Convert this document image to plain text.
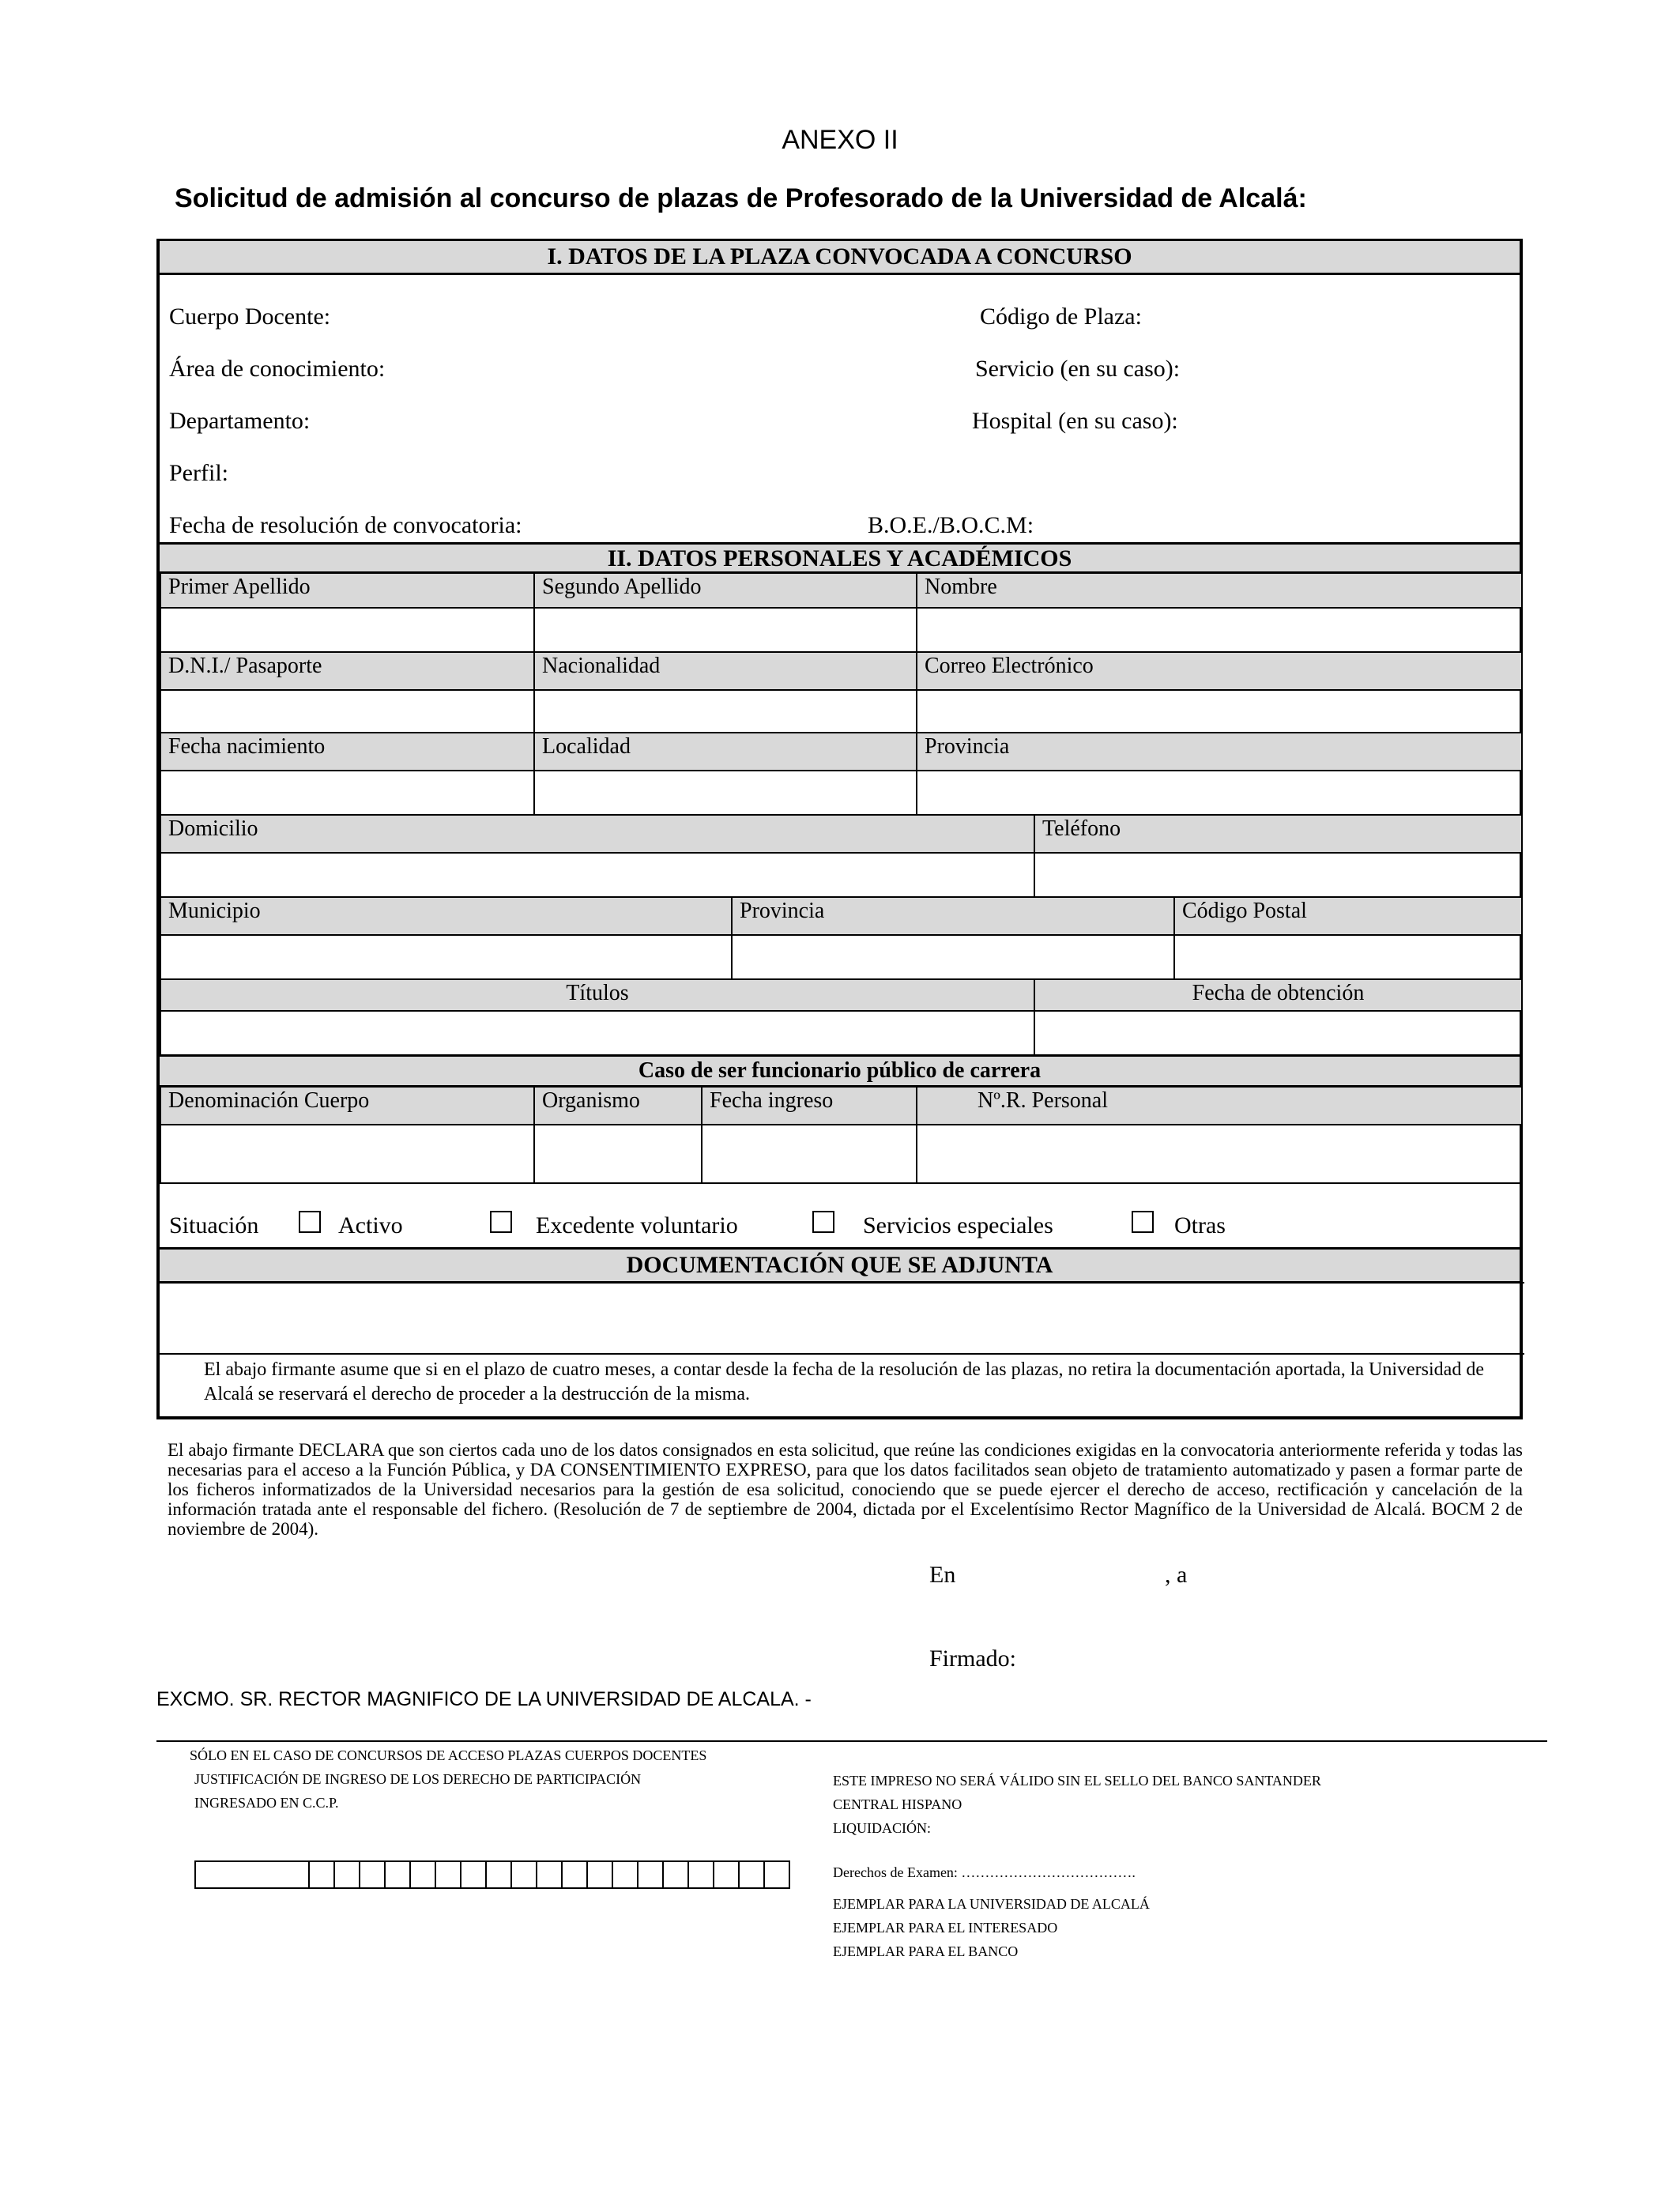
ANEXO II
Solicitud de admisión al concurso de plazas de Profesorado de la Universidad de Alcalá:
I. DATOS DE LA PLAZA CONVOCADA A CONCURSO
Cuerpo Docente:	Código de Plaza:
Área de conocimiento:	Servicio (en su caso):
Departamento:	Hospital (en su caso):
Perfil:
Fecha de resolución de convocatoria:	B.O.E./B.O.C.M:
II. DATOS PERSONALES Y ACADÉMICOS
Primer Apellido	Segundo Apellido	Nombre
D.N.I./ Pasaporte	Nacionalidad	Correo Electrónico
Fecha nacimiento	Localidad	Provincia
Domicilio	Teléfono
Municipio	Provincia	Código Postal
Títulos	Fecha de obtención
Caso de ser funcionario público de carrera
Denominación Cuerpo	Organismo	Fecha ingreso	Nº.R. Personal
Situación	Activo	Excedente voluntario	Servicios especiales	Otras
DOCUMENTACIÓN QUE SE ADJUNTA
El abajo firmante asume que si en el plazo de cuatro meses, a contar desde la fecha de la resolución de las plazas, no retira la documentación aportada, la Universidad de Alcalá se reservará el derecho de proceder a la destrucción de la misma.
El abajo firmante DECLARA que son ciertos cada uno de los datos consignados en esta solicitud, que reúne las condiciones exigidas en la convocatoria anteriormente referida y todas las necesarias para el acceso a la Función Pública, y DA CONSENTIMIENTO EXPRESO, para que los datos facilitados sean objeto de tratamiento automatizado y pasen a formar parte de los ficheros informatizados de la Universidad necesarios para la gestión de esa solicitud, conociendo que se puede ejercer el derecho de acceso, rectificación y cancelación de la información tratada ante el responsable del fichero. (Resolución de 7 de septiembre de 2004, dictada por el Excelentísimo Rector Magnífico de la Universidad de Alcalá. BOCM 2 de noviembre de 2004).
En	, a
Firmado:
EXCMO. SR. RECTOR MAGNIFICO DE LA UNIVERSIDAD DE ALCALA. -
SÓLO EN EL CASO DE CONCURSOS DE ACCESO PLAZAS CUERPOS DOCENTES
JUSTIFICACIÓN DE INGRESO DE LOS DERECHO DE PARTICIPACIÓN
INGRESADO EN C.C.P.
ESTE IMPRESO NO SERÁ VÁLIDO SIN EL SELLO DEL BANCO SANTANDER
CENTRAL HISPANO
LIQUIDACIÓN:
Derechos de Examen: ……………………………….
EJEMPLAR PARA LA UNIVERSIDAD DE ALCALÁ
EJEMPLAR PARA EL INTERESADO
EJEMPLAR PARA EL BANCO
